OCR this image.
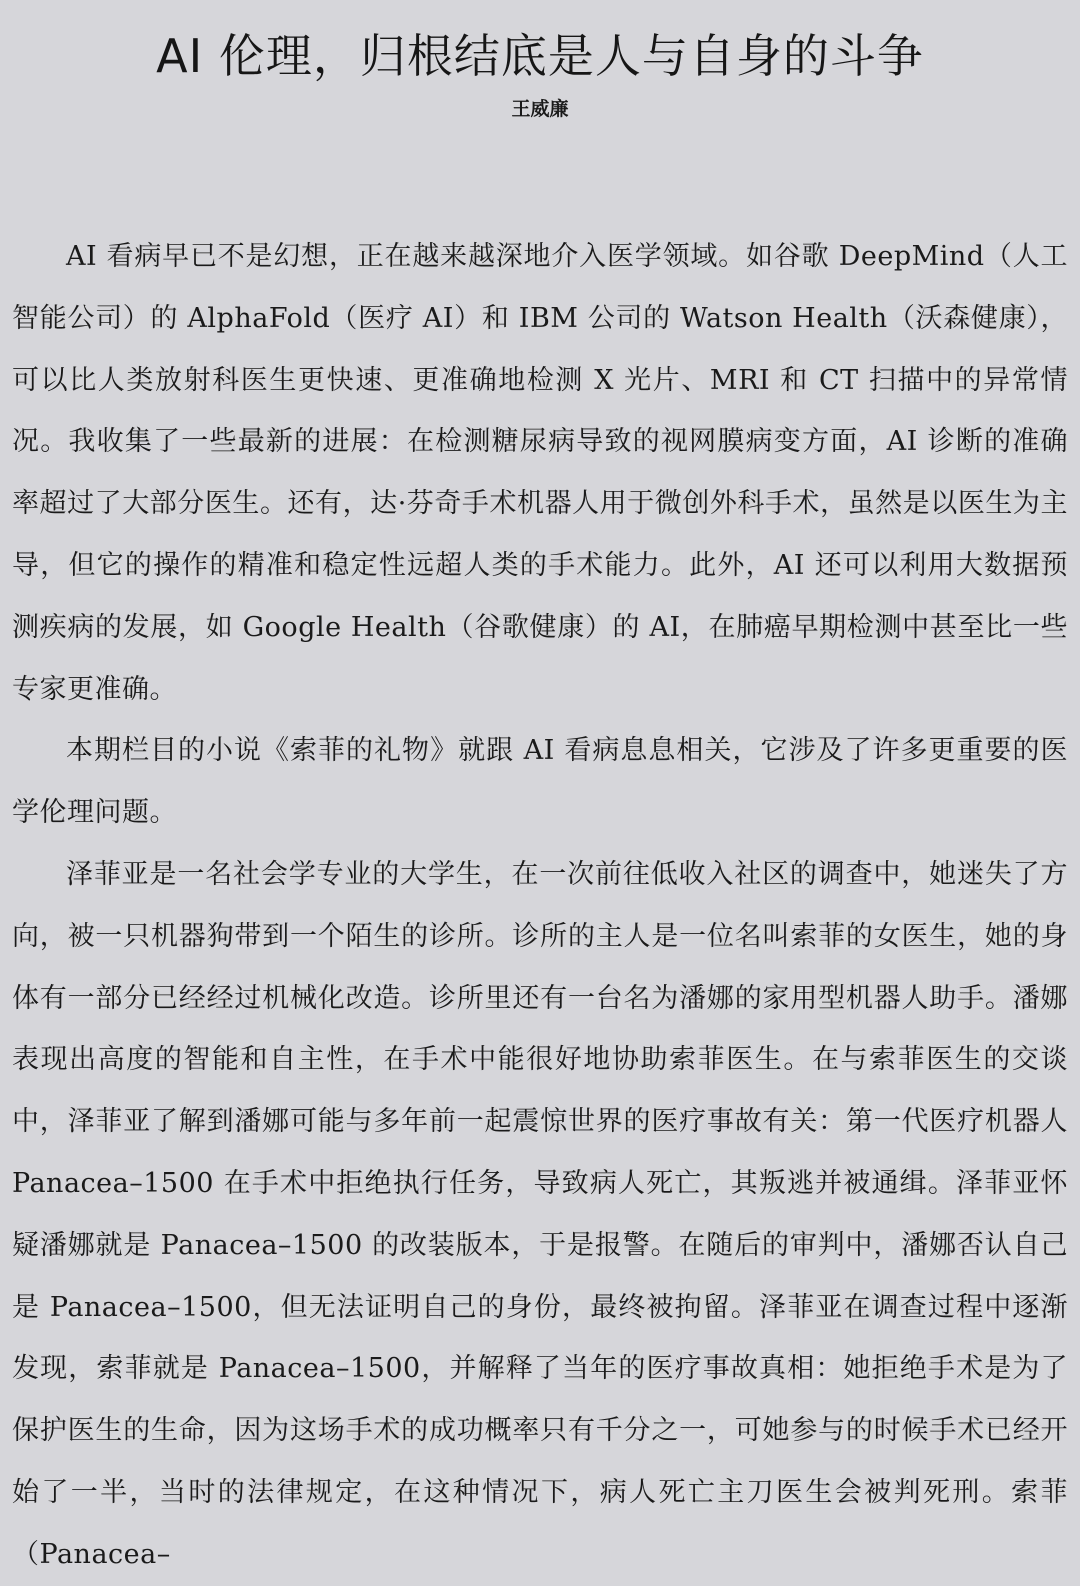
AI 伦理，归根结底是人与自身的斗争
王威廉

AI 看病早已不是幻想，正在越来越深地介入医学领域。如谷歌 DeepMind（人工智能公司）的 AlphaFold（医疗 AI）和 IBM 公司的 Watson Health（沃森健康），可以比人类放射科医生更快速、更准确地检测 X 光片、MRI 和 CT 扫描中的异常情况。我收集了一些最新的进展：在检测糖尿病导致的视网膜病变方面，AI 诊断的准确率超过了大部分医生。还有，达·芬奇手术机器人用于微创外科手术，虽然是以医生为主导，但它的操作的精准和稳定性远超人类的手术能力。此外，AI 还可以利用大数据预测疾病的发展，如 Google Health（谷歌健康）的 AI，在肺癌早期检测中甚至比一些专家更准确。

本期栏目的小说《索菲的礼物》就跟 AI 看病息息相关，它涉及了许多更重要的医学伦理问题。

泽菲亚是一名社会学专业的大学生，在一次前往低收入社区的调查中，她迷失了方向，被一只机器狗带到一个陌生的诊所。诊所的主人是一位名叫索菲的女医生，她的身体有一部分已经经过机械化改造。诊所里还有一台名为潘娜的家用型机器人助手。潘娜表现出高度的智能和自主性，在手术中能很好地协助索菲医生。在与索菲医生的交谈中，泽菲亚了解到潘娜可能与多年前一起震惊世界的医疗事故有关：第一代医疗机器人 Panacea–1500 在手术中拒绝执行任务，导致病人死亡，其叛逃并被通缉。泽菲亚怀疑潘娜就是 Panacea–1500 的改装版本，于是报警。在随后的审判中，潘娜否认自己是 Panacea–1500，但无法证明自己的身份，最终被拘留。泽菲亚在调查过程中逐渐发现，索菲就是 Panacea–1500，并解释了当年的医疗事故真相：她拒绝手术是为了保护医生的生命，因为这场手术的成功概率只有千分之一，可她参与的时候手术已经开始了一半，当时的法律规定，在这种情况下，病人死亡主刀医生会被判死刑。索菲（Panacea–
